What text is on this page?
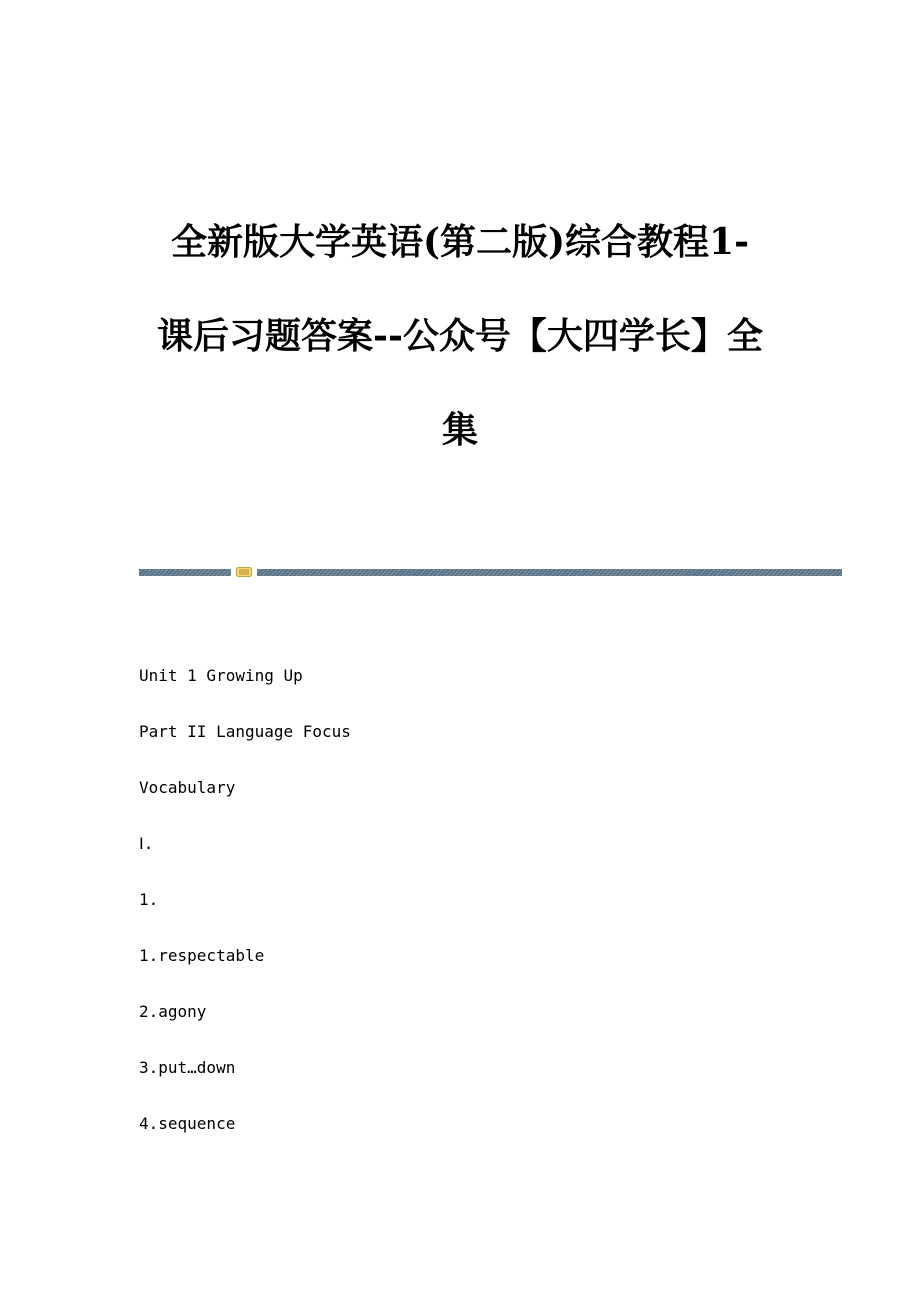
全新版大学英语(第二版)综合教程1-
课后习题答案--公众号【大四学长】全
集
Unit 1 Growing Up
Part II Language Focus
Vocabulary
Ⅰ.
1.
1.respectable
2.agony
3.put…down
4.sequence
